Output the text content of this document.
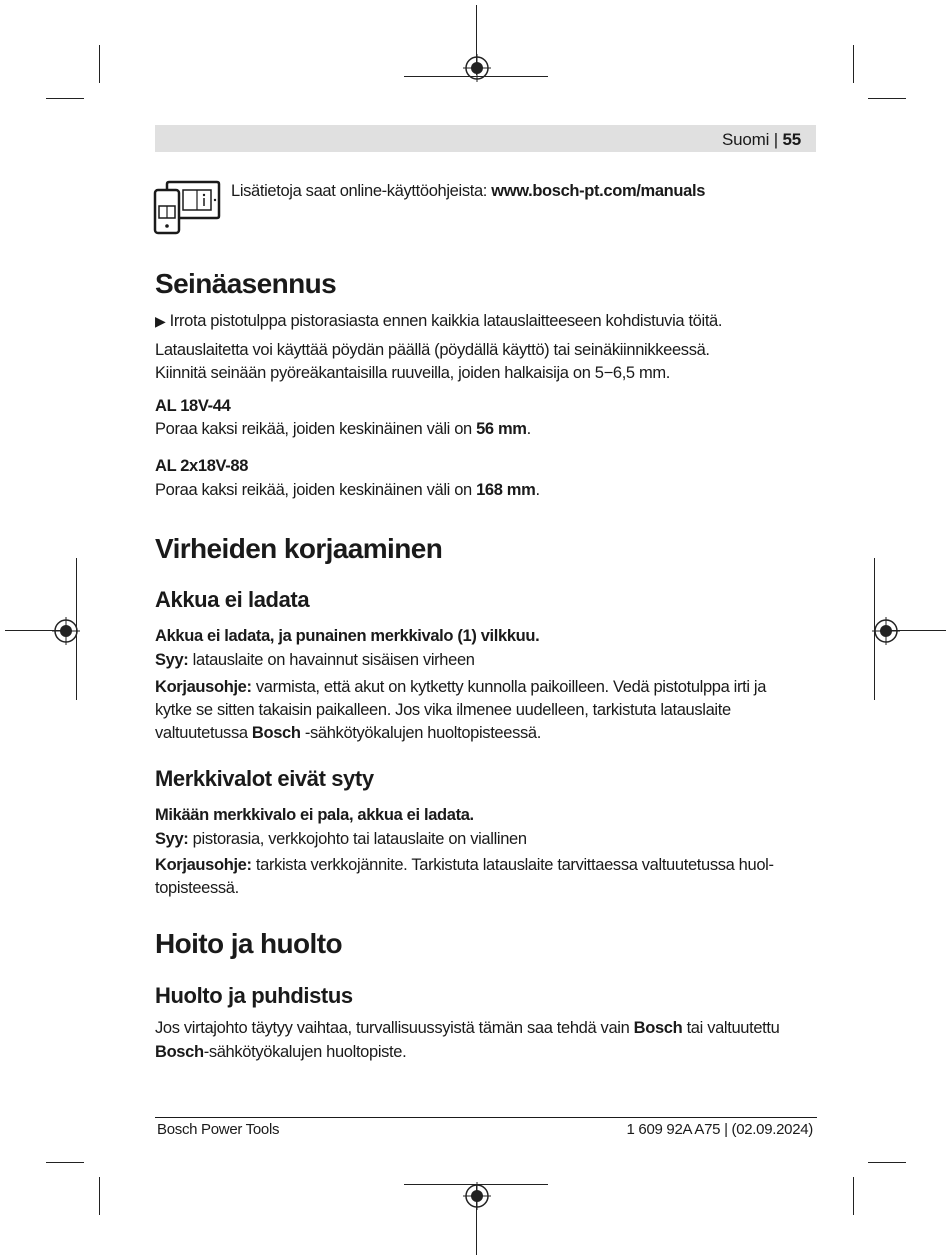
Suomi | 55

Lisätietoja saat online-käyttöohjeista: www.bosch-pt.com/manuals

Seinäasennus

▶ Irrota pistotulppa pistorasiasta ennen kaikkia latauslaitteeseen kohdistuvia töitä.

Latauslaitetta voi käyttää pöydän päällä (pöydällä käyttö) tai seinäkiinnikkeessä.

Kiinnitä seinään pyöreäkantaisilla ruuveilla, joiden halkaisija on 5−6,5 mm.

AL 18V-44

Poraa kaksi reikää, joiden keskinäinen väli on 56 mm.

AL 2x18V-88

Poraa kaksi reikää, joiden keskinäinen väli on 168 mm.

Virheiden korjaaminen
Akkua ei ladata

Akkua ei ladata, ja punainen merkkivalo (1) vilkkuu.

Syy: latauslaite on havainnut sisäisen virheen

Korjausohje: varmista, että akut on kytketty kunnolla paikoilleen. Vedä pistotulppa irti ja

kytke se sitten takaisin paikalleen. Jos vika ilmenee uudelleen, tarkistuta latauslaite

valtuutetussa Bosch -sähkötyökalujen huoltopisteessä.

Merkkivalot eivät syty

Mikään merkkivalo ei pala, akkua ei ladata.

Syy: pistorasia, verkkojohto tai latauslaite on viallinen

Korjausohje: tarkista verkkojännite. Tarkistuta latauslaite tarvittaessa valtuutetussa huol-

topisteessä.

Hoito ja huolto
Huolto ja puhdistus

Jos virtajohto täytyy vaihtaa, turvallisuussyistä tämän saa tehdä vain Bosch tai valtuutettu

Bosch-sähkötyökalujen huoltopiste.

Bosch Power Tools	1 609 92A A75 | (02.09.2024)
